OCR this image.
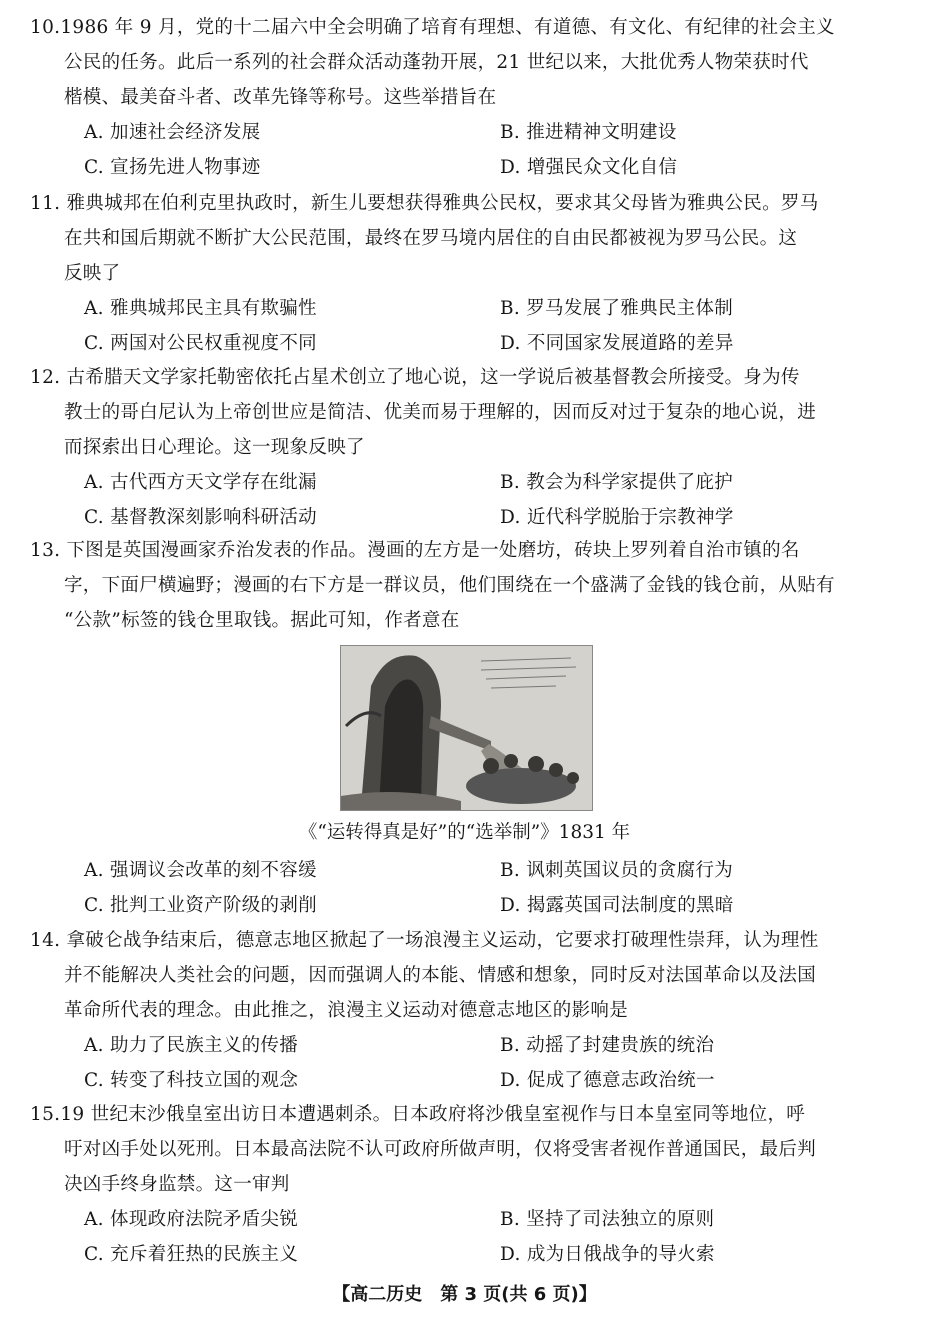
10.1986 年 9 月，党的十二届六中全会明确了培育有理想、有道德、有文化、有纪律的社会主义
公民的任务。此后一系列的社会群众活动蓬勃开展，21 世纪以来，大批优秀人物荣获时代
楷模、最美奋斗者、改革先锋等称号。这些举措旨在
A. 加速社会经济发展	B. 推进精神文明建设
C. 宣扬先进人物事迹	D. 增强民众文化自信
11. 雅典城邦在伯利克里执政时，新生儿要想获得雅典公民权，要求其父母皆为雅典公民。罗马
在共和国后期就不断扩大公民范围，最终在罗马境内居住的自由民都被视为罗马公民。这
反映了
A. 雅典城邦民主具有欺骗性	B. 罗马发展了雅典民主体制
C. 两国对公民权重视度不同	D. 不同国家发展道路的差异
12. 古希腊天文学家托勒密依托占星术创立了地心说，这一学说后被基督教会所接受。身为传
教士的哥白尼认为上帝创世应是简洁、优美而易于理解的，因而反对过于复杂的地心说，进
而探索出日心理论。这一现象反映了
A. 古代西方天文学存在纰漏	B. 教会为科学家提供了庇护
C. 基督教深刻影响科研活动	D. 近代科学脱胎于宗教神学
13. 下图是英国漫画家乔治发表的作品。漫画的左方是一处磨坊，砖块上罗列着自治市镇的名
字，下面尸横遍野；漫画的右下方是一群议员，他们围绕在一个盛满了金钱的钱仓前，从贴有
“公款”标签的钱仓里取钱。据此可知，作者意在
A. 强调议会改革的刻不容缓	B. 讽刺英国议员的贪腐行为
C. 批判工业资产阶级的剥削	D. 揭露英国司法制度的黑暗
《“运转得真是好”的“选举制”》1831 年
14. 拿破仑战争结束后，德意志地区掀起了一场浪漫主义运动，它要求打破理性崇拜，认为理性
并不能解决人类社会的问题，因而强调人的本能、情感和想象，同时反对法国革命以及法国
革命所代表的理念。由此推之，浪漫主义运动对德意志地区的影响是
A. 助力了民族主义的传播	B. 动摇了封建贵族的统治
C. 转变了科技立国的观念	D. 促成了德意志政治统一
15.19 世纪末沙俄皇室出访日本遭遇刺杀。日本政府将沙俄皇室视作与日本皇室同等地位，呼
吁对凶手处以死刑。日本最高法院不认可政府所做声明，仅将受害者视作普通国民，最后判
决凶手终身监禁。这一审判
A. 体现政府法院矛盾尖锐	B. 坚持了司法独立的原则
C. 充斥着狂热的民族主义	D. 成为日俄战争的导火索
【高二历史　第 3 页(共 6 页)】
